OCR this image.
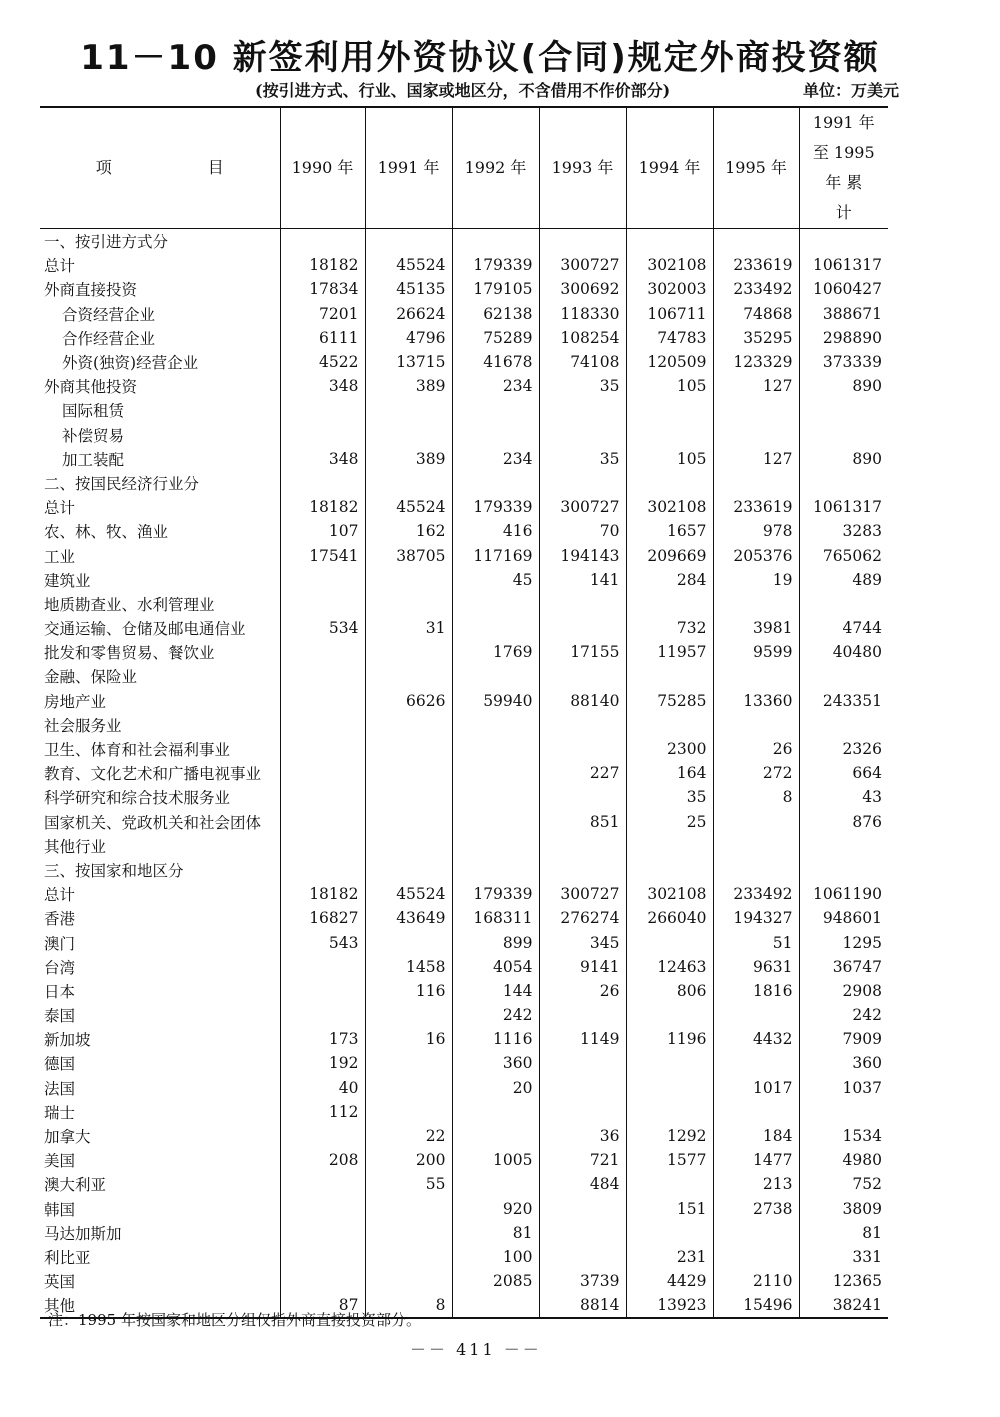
11－10 新签利用外资协议(合同)规定外商投资额
(按引进方式、行业、国家或地区分，不含借用不作价部分)	单位：万美元
项　目	1990 年	1991 年	1992 年	1993 年	1994 年	1995 年	1991 年 至 1995 年 累　计
一、按引进方式分							
总计	18182	45524	179339	300727	302108	233619	1061317
外商直接投资	17834	45135	179105	300692	302003	233492	1060427
合资经营企业	7201	26624	62138	118330	106711	74868	388671
合作经营企业	6111	4796	75289	108254	74783	35295	298890
外资(独资)经营企业	4522	13715	41678	74108	120509	123329	373339
外商其他投资	348	389	234	35	105	127	890
国际租赁							
补偿贸易							
加工装配	348	389	234	35	105	127	890
二、按国民经济行业分							
总计	18182	45524	179339	300727	302108	233619	1061317
农、林、牧、渔业	107	162	416	70	1657	978	3283
工业	17541	38705	117169	194143	209669	205376	765062
建筑业			45	141	284	19	489
地质勘查业、水利管理业							
交通运输、仓储及邮电通信业	534	31			732	3981	4744
批发和零售贸易、餐饮业			1769	17155	11957	9599	40480
金融、保险业							
房地产业		6626	59940	88140	75285	13360	243351
社会服务业							
卫生、体育和社会福利事业					2300	26	2326
教育、文化艺术和广播电视事业				227	164	272	664
科学研究和综合技术服务业					35	8	43
国家机关、党政机关和社会团体				851	25		876
其他行业							
三、按国家和地区分							
总计	18182	45524	179339	300727	302108	233492	1061190
香港	16827	43649	168311	276274	266040	194327	948601
澳门	543		899	345		51	1295
台湾		1458	4054	9141	12463	9631	36747
日本		116	144	26	806	1816	2908
泰国			242				242
新加坡	173	16	1116	1149	1196	4432	7909
德国	192		360				360
法国	40		20			1017	1037
瑞士	112						
加拿大		22		36	1292	184	1534
美国	208	200	1005	721	1577	1477	4980
澳大利亚		55		484		213	752
韩国			920		151	2738	3809
马达加斯加			81				81
利比亚			100		231		331
英国			2085	3739	4429	2110	12365
其他	87	8		8814	13923	15496	38241
注：1995 年按国家和地区分组仅指外商直接投资部分。
－－ 411 －－
